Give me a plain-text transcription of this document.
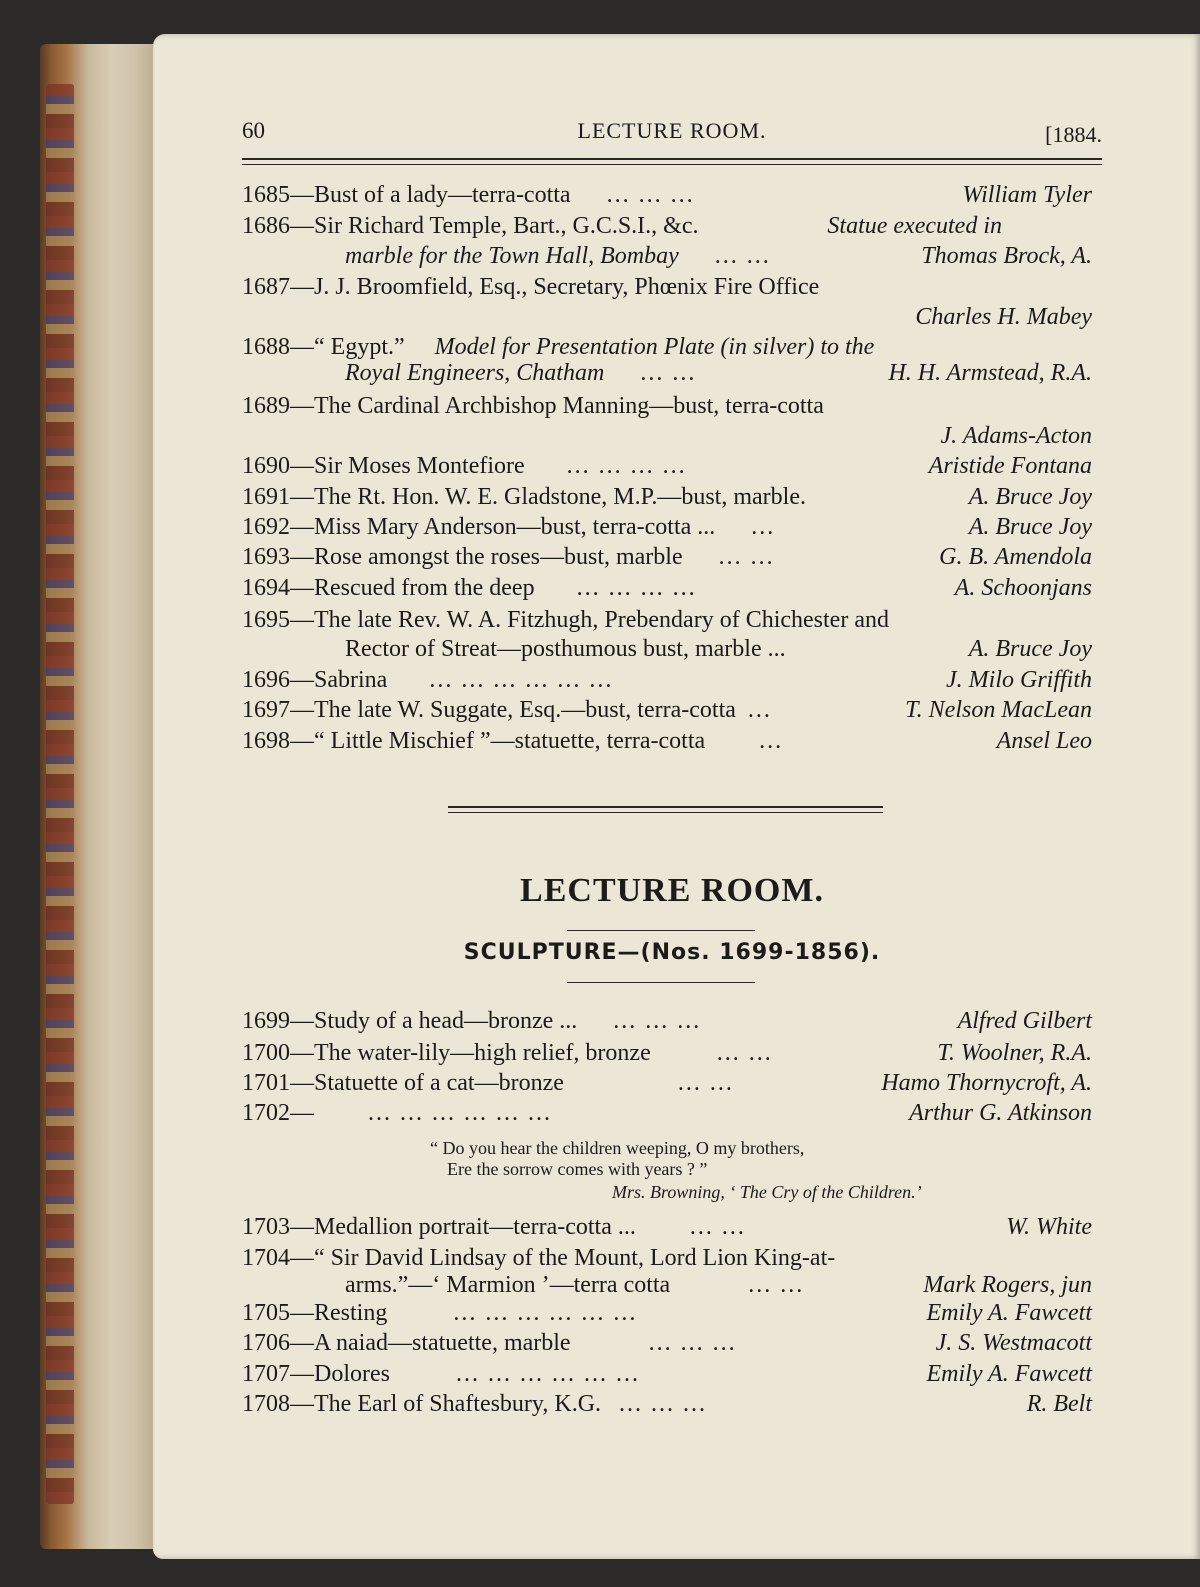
60	LECTURE ROOM.	[1884.
1685—Bust of a lady—terra-cotta ... ... ...	William Tyler
1686—Sir Richard Temple, Bart., G.C.S.I., &c.	Statue executed in
marble for the Town Hall, Bombay ... ...	Thomas Brock, A.
1687—J. J. Broomfield, Esq., Secretary, Phœnix Fire Office
Charles H. Mabey
1688—“ Egypt.” Model for Presentation Plate (in silver) to the
Royal Engineers, Chatham ... ...	H. H. Armstead, R.A.
1689—The Cardinal Archbishop Manning—bust, terra-cotta
J. Adams-Acton
1690—Sir Moses Montefiore ... ... ... ...	Aristide Fontana
1691—The Rt. Hon. W. E. Gladstone, M.P.—bust, marble.	A. Bruce Joy
1692—Miss Mary Anderson—bust, terra-cotta ... ...	A. Bruce Joy
1693—Rose amongst the roses—bust, marble ... ...	G. B. Amendola
1694—Rescued from the deep ... ... ... ...	A. Schoonjans
1695—The late Rev. W. A. Fitzhugh, Prebendary of Chichester and
Rector of Streat—posthumous bust, marble ...	A. Bruce Joy
1696—Sabrina ... ... ... ... ... ...	J. Milo Griffith
1697—The late W. Suggate, Esq.—bust, terra-cotta ...	T. Nelson MacLean
1698—“ Little Mischief ”—statuette, terra-cotta ...	Ansel Leo
LECTURE ROOM.
SCULPTURE—(Nos. 1699-1856).
1699—Study of a head—bronze ... ... ... ...	Alfred Gilbert
1700—The water-lily—high relief, bronze	... ...	T. Woolner, R.A.
1701—Statuette of a cat—bronze	... ...	Hamo Thornycroft, A.
1702— ... ... ... ... ... ...	Arthur G. Atkinson
“ Do you hear the children weeping, O my brothers,
Ere the sorrow comes with years ? ”
Mrs. Browning, ‘ The Cry of the Children.’
1703—Medallion portrait—terra-cotta ... ... ...	W. White
1704—“ Sir David Lindsay of the Mount, Lord Lion King-at-
arms.”—‘ Marmion ’—terra cotta	... ...	Mark Rogers, jun
1705—Resting	... ... ... ... ... ...	Emily A. Fawcett
1706—A naiad—statuette, marble	... ... ...	J. S. Westmacott
1707—Dolores	... ... ... ... ... ...	Emily A. Fawcett
1708—The Earl of Shaftesbury, K.G. ... ... ...	R. Belt
